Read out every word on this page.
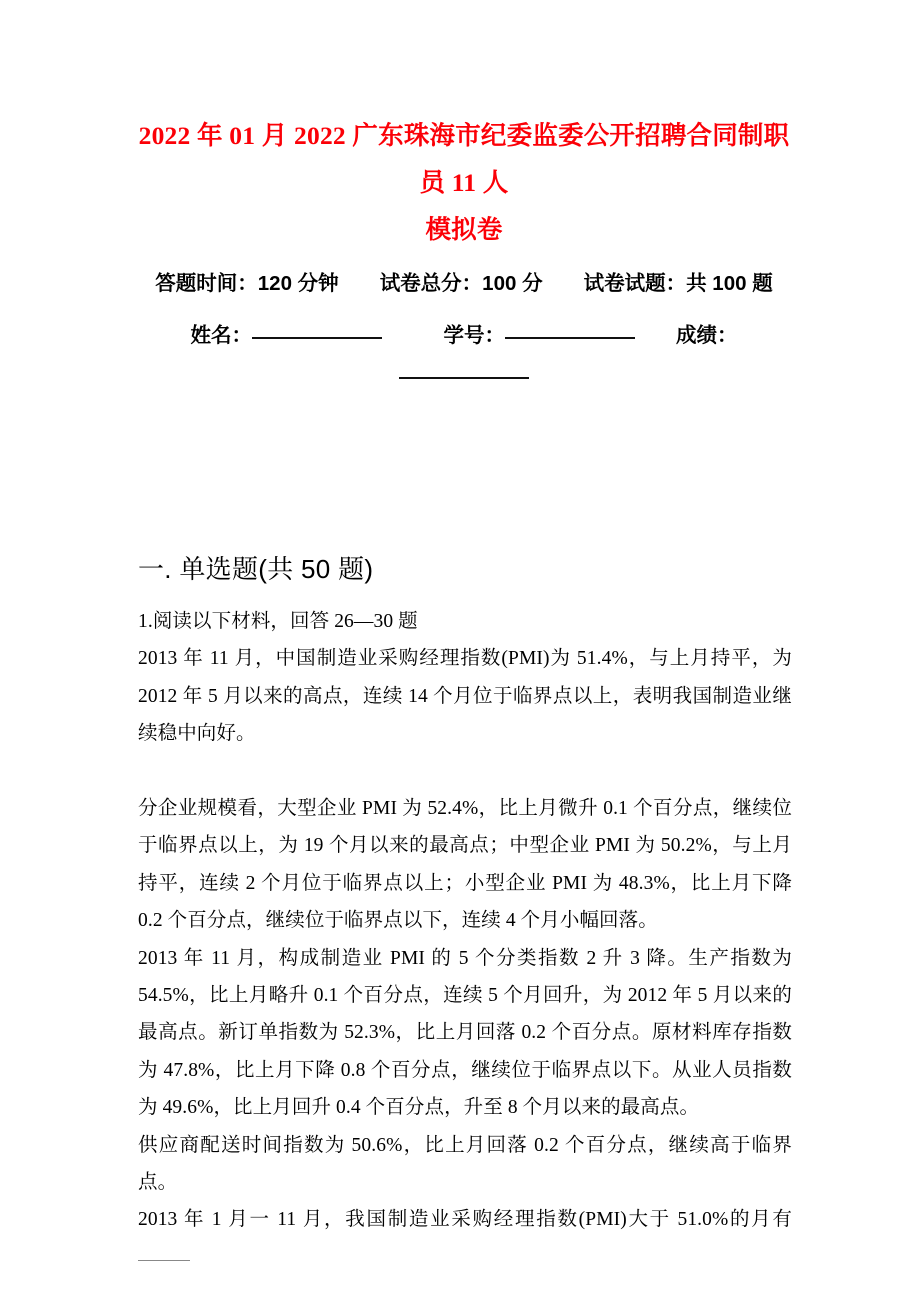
2022 年 01 月 2022 广东珠海市纪委监委公开招聘合同制职员 11 人
模拟卷
答题时间：120 分钟　　 试卷总分：100 分　　 试卷试题：共 100 题
姓名：　　　	学号：　　	成绩：
一. 单选题(共 50 题)

1.阅读以下材料，回答 26—30 题

2013 年 11 月，中国制造业采购经理指数(PMI)为 51.4%，与上月持平，为 2012 年 5 月以来的高点，连续 14 个月位于临界点以上，表明我国制造业继续稳中向好。

分企业规模看，大型企业 PMI 为 52.4%，比上月微升 0.1 个百分点，继续位于临界点以上，为 19 个月以来的最高点；中型企业 PMI 为 50.2%，与上月持平，连续 2 个月位于临界点以上；小型企业 PMI 为 48.3%，比上月下降 0.2 个百分点，继续位于临界点以下，连续 4 个月小幅回落。

2013 年 11 月，构成制造业 PMI 的 5 个分类指数 2 升 3 降。生产指数为 54.5%，比上月略升 0.1 个百分点，连续 5 个月回升，为 2012 年 5 月以来的最高点。新订单指数为 52.3%，比上月回落 0.2 个百分点。原材料库存指数为 47.8%，比上月下降 0.8 个百分点，继续位于临界点以下。从业人员指数为 49.6%，比上月回升 0.4 个百分点，升至 8 个月以来的最高点。

供应商配送时间指数为 50.6%，比上月回落 0.2 个百分点，继续高于临界点。

2013 年 1 月一 11 月，我国制造业采购经理指数(PMI)大于 51.0%的月有
